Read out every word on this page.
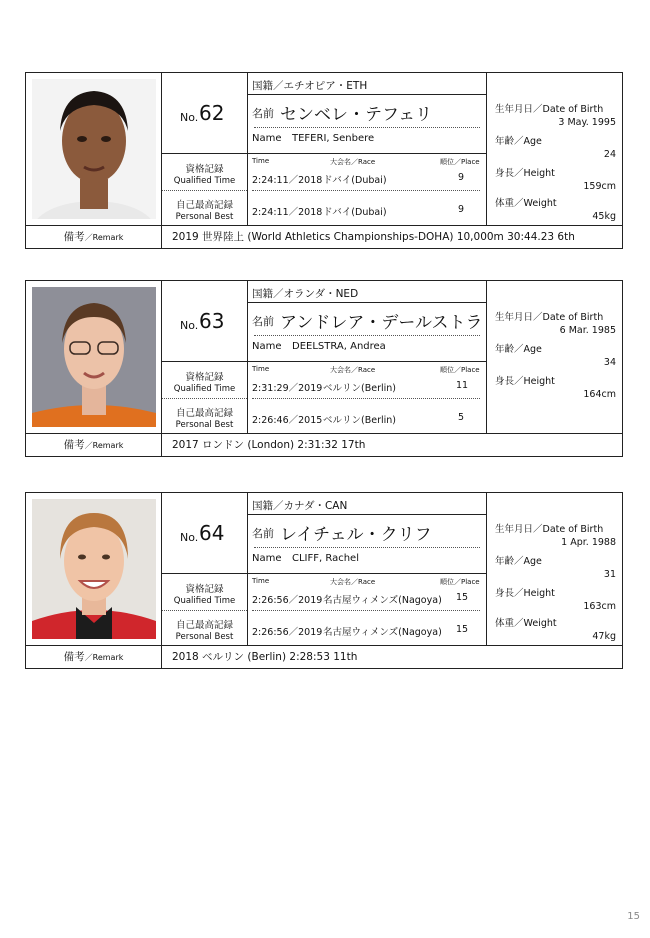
No. 62
資格記録
Qualified Time
自己最高記録
Personal Best
国籍／エチオピア・ETH
名前 センベレ・テフェリ
Name TEFERI, Senbere
Time	大会名／Race	順位／Place
2:24:11／2018 ドバイ(Dubai)	9
2:24:11／2018 ドバイ(Dubai)	9
生年月日／Date of Birth
3 May. 1995
年齢／Age
24
身長／Height
159cm
体重／Weight
45kg
備考／Remark	2019 世界陸上 (World Athletics Championships-DOHA) 10,000m 30:44.23 6th
No. 63
資格記録
Qualified Time
自己最高記録
Personal Best
国籍／オランダ・NED
名前 アンドレア・デールストラ
Name DEELSTRA, Andrea
Time	大会名／Race	順位／Place
2:31:29／2019 ベルリン(Berlin)	11
2:26:46／2015 ベルリン(Berlin)	5
生年月日／Date of Birth
6 Mar. 1985
年齢／Age
34
身長／Height
164cm
備考／Remark	2017 ロンドン (London) 2:31:32 17th
No. 64
資格記録
Qualified Time
自己最高記録
Personal Best
国籍／カナダ・CAN
名前 レイチェル・クリフ
Name CLIFF, Rachel
Time	大会名／Race	順位／Place
2:26:56／2019 名古屋ウィメンズ(Nagoya) 15
2:26:56／2019 名古屋ウィメンズ(Nagoya) 15
生年月日／Date of Birth
1 Apr. 1988
年齢／Age
31
身長／Height
163cm
体重／Weight
47kg
備考／Remark	2018 ベルリン (Berlin) 2:28:53 11th
15
